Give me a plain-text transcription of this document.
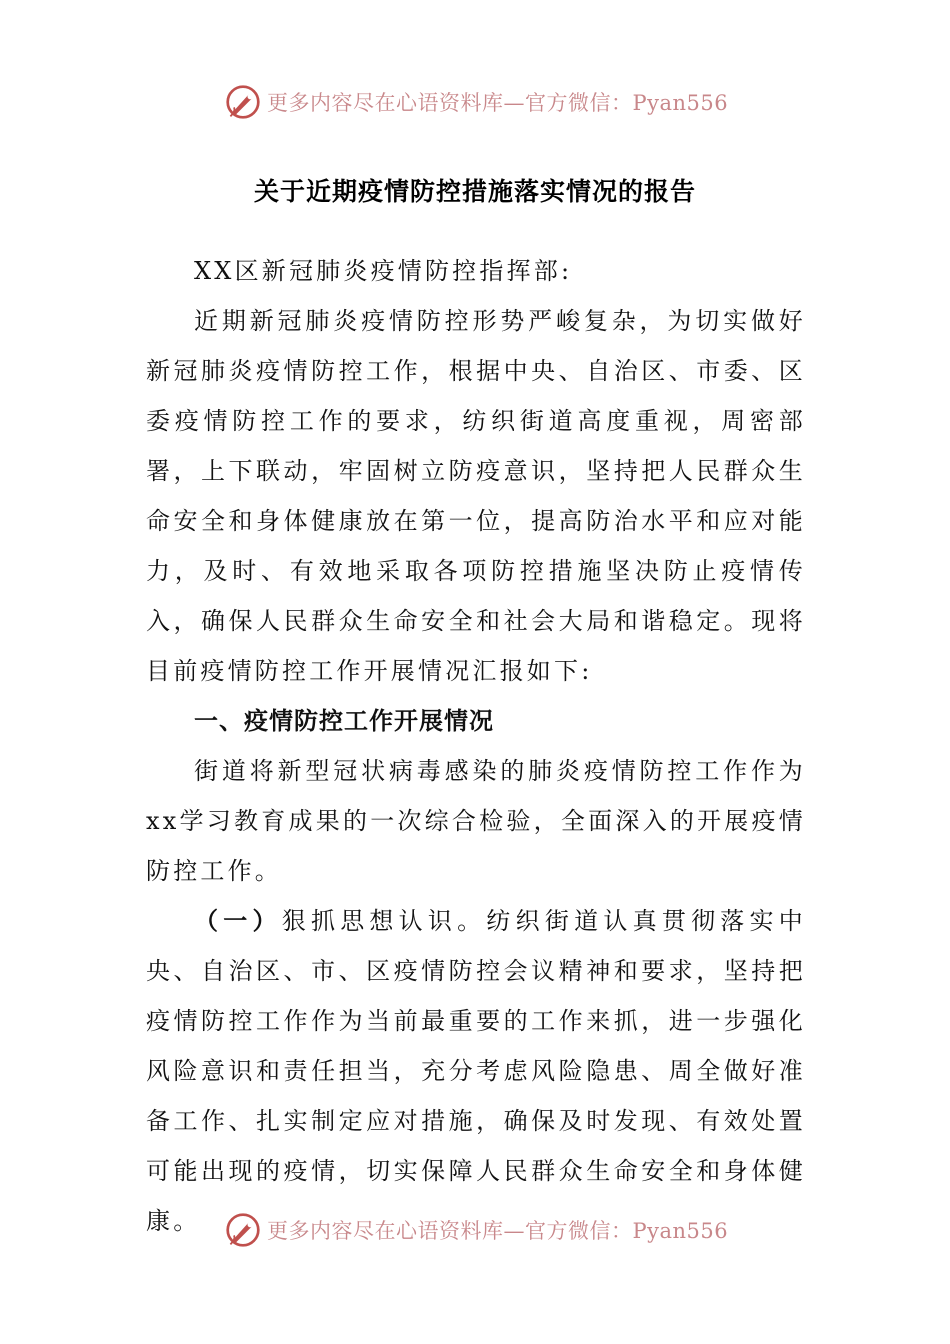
更多内容尽在心语资料库—官方微信：Pyan556
关于近期疫情防控措施落实情况的报告

XX区新冠肺炎疫情防控指挥部:

近期新冠肺炎疫情防控形势严峻复杂，为切实做好新冠肺炎疫情防控工作，根据中央、自治区、市委、区委疫情防控工作的要求，纺织街道高度重视，周密部署，上下联动，牢固树立防疫意识，坚持把人民群众生命安全和身体健康放在第一位，提高防治水平和应对能力，及时、有效地采取各项防控措施坚决防止疫情传入，确保人民群众生命安全和社会大局和谐稳定。现将目前疫情防控工作开展情况汇报如下:

一、疫情防控工作开展情况

街道将新型冠状病毒感染的肺炎疫情防控工作作为xx学习教育成果的一次综合检验，全面深入的开展疫情防控工作。

（一）狠抓思想认识。纺织街道认真贯彻落实中央、自治区、市、区疫情防控会议精神和要求，坚持把疫情防控工作作为当前最重要的工作来抓，进一步强化风险意识和责任担当，充分考虑风险隐患、周全做好准备工作、扎实制定应对措施，确保及时发现、有效处置可能出现的疫情，切实保障人民群众生命安全和身体健康。	更多内容尽在心语资料库—官方微信：Pyan556
